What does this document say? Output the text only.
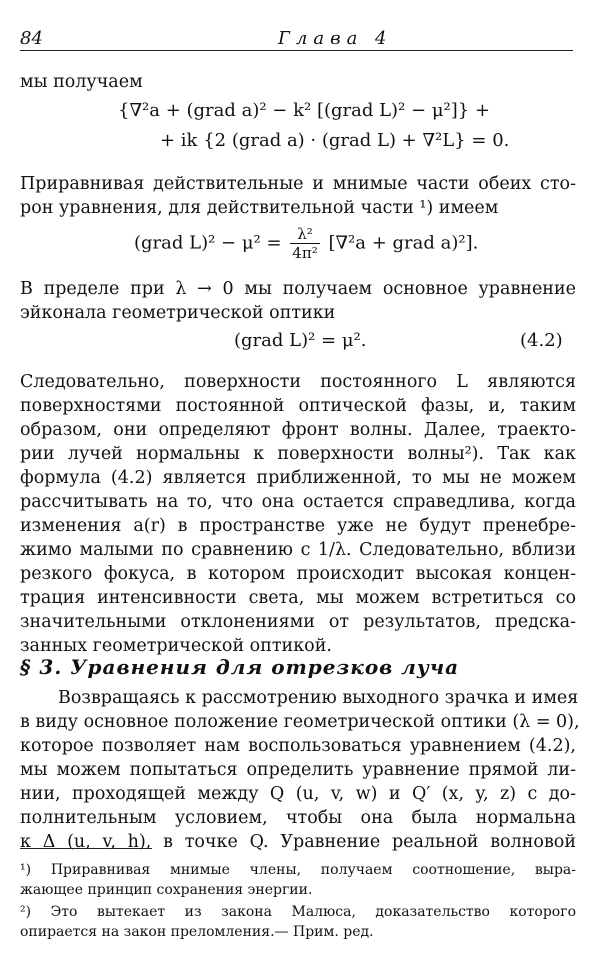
84	Глава 4
мы получаем
{∇²a + (grad a)² − k² [(grad L)² − μ²]} +
+ ik {2 (grad a) · (grad L) + ∇²L} = 0.
Приравнивая действительные и мнимые части обеих сто-
рон уравнения, для действительной части ¹) имеем
(grad $L)^2 - \mu^2 = \frac{\text{λ²}}{\text{4π²}} [\nabla^2a$ + grad a)²].
В пределе при λ → 0 мы получаем основное уравнение
эйконала геометрической оптики
(grad L)² = μ².	(4.2)
Следовательно, поверхности постоянного L являются
поверхностями постоянной оптической фазы, и, таким
образом, они определяют фронт волны. Далее, траекто-
рии лучей нормальны к поверхности волны²). Так как
формула (4.2) является приближенной, то мы не можем
рассчитывать на то, что она остается справедлива, когда
изменения a(r) в пространстве уже не будут пренебре-
жимо малыми по сравнению с 1/λ. Следовательно, вблизи
резкого фокуса, в котором происходит высокая концен-
трация интенсивности света, мы можем встретиться со
значительными отклонениями от результатов, предска-
занных геометрической оптикой.
§ 3. Уравнения для отрезков луча
Возвращаясь к рассмотрению выходного зрачка и имея
в виду основное положение геометрической оптики (λ = 0),
которое позволяет нам воспользоваться уравнением (4.2),
мы можем попытаться определить уравнение прямой ли-
нии, проходящей между Q (u, v, w) и Q′ (x, y, z) с до-
полнительным условием, чтобы она была нормальна
к Δ (u, v, h), в точке Q. Уравнение реальной волновой
¹) Приравнивая мнимые члены, получаем соотношение, выра-
жающее принцип сохранения энергии.
²) Это вытекает из закона Малюса, доказательство которого
опирается на закон преломления.— Прим. ред.
